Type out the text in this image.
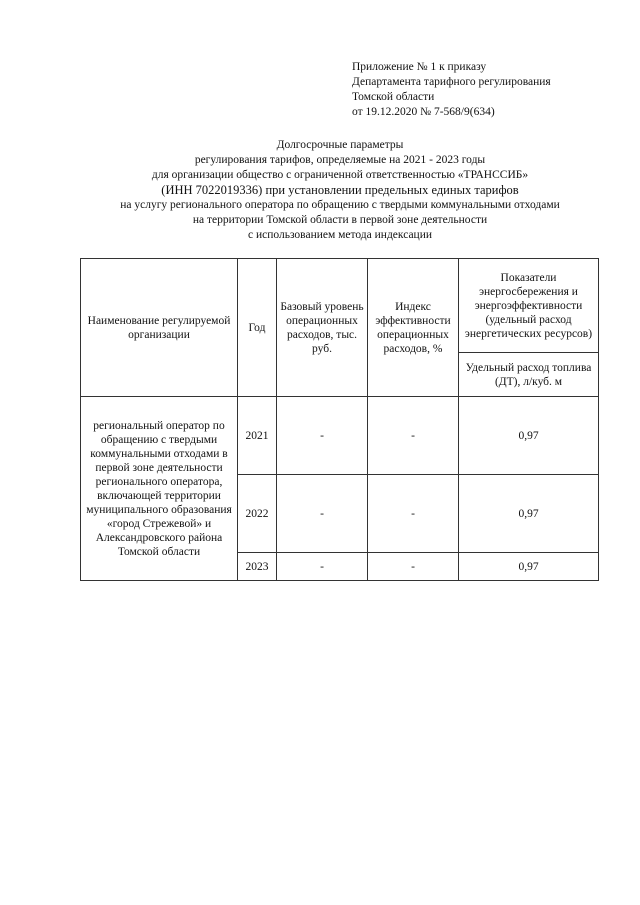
Приложение № 1 к приказу
Департамента тарифного регулирования
Томской области
от 19.12.2020 № 7-568/9(634)
Долгосрочные параметры
регулирования тарифов, определяемые на 2021 - 2023 годы
для организации общество с ограниченной ответственностью «ТРАНССИБ»
(ИНН 7022019336) при установлении предельных единых тарифов
на услугу регионального оператора по обращению с твердыми коммунальными отходами
на территории Томской области в первой зоне деятельности
с использованием метода индексации
Наименование регулируемой организации	Год	Базовый уровень операционных расходов, тыс. руб.	Индекс эффективности операционных расходов, %	Показатели энергосбережения и энергоэффективности (удельный расход энергетических ресурсов)
				Удельный расход топлива (ДТ), л/куб. м
региональный оператор по обращению с твердыми коммунальными отходами в первой зоне деятельности регионального оператора, включающей территории муниципального образования «город Стрежевой» и Александровского района Томской области	2021	-	-	0,97
	2022	-	-	0,97
	2023	-	-	0,97
